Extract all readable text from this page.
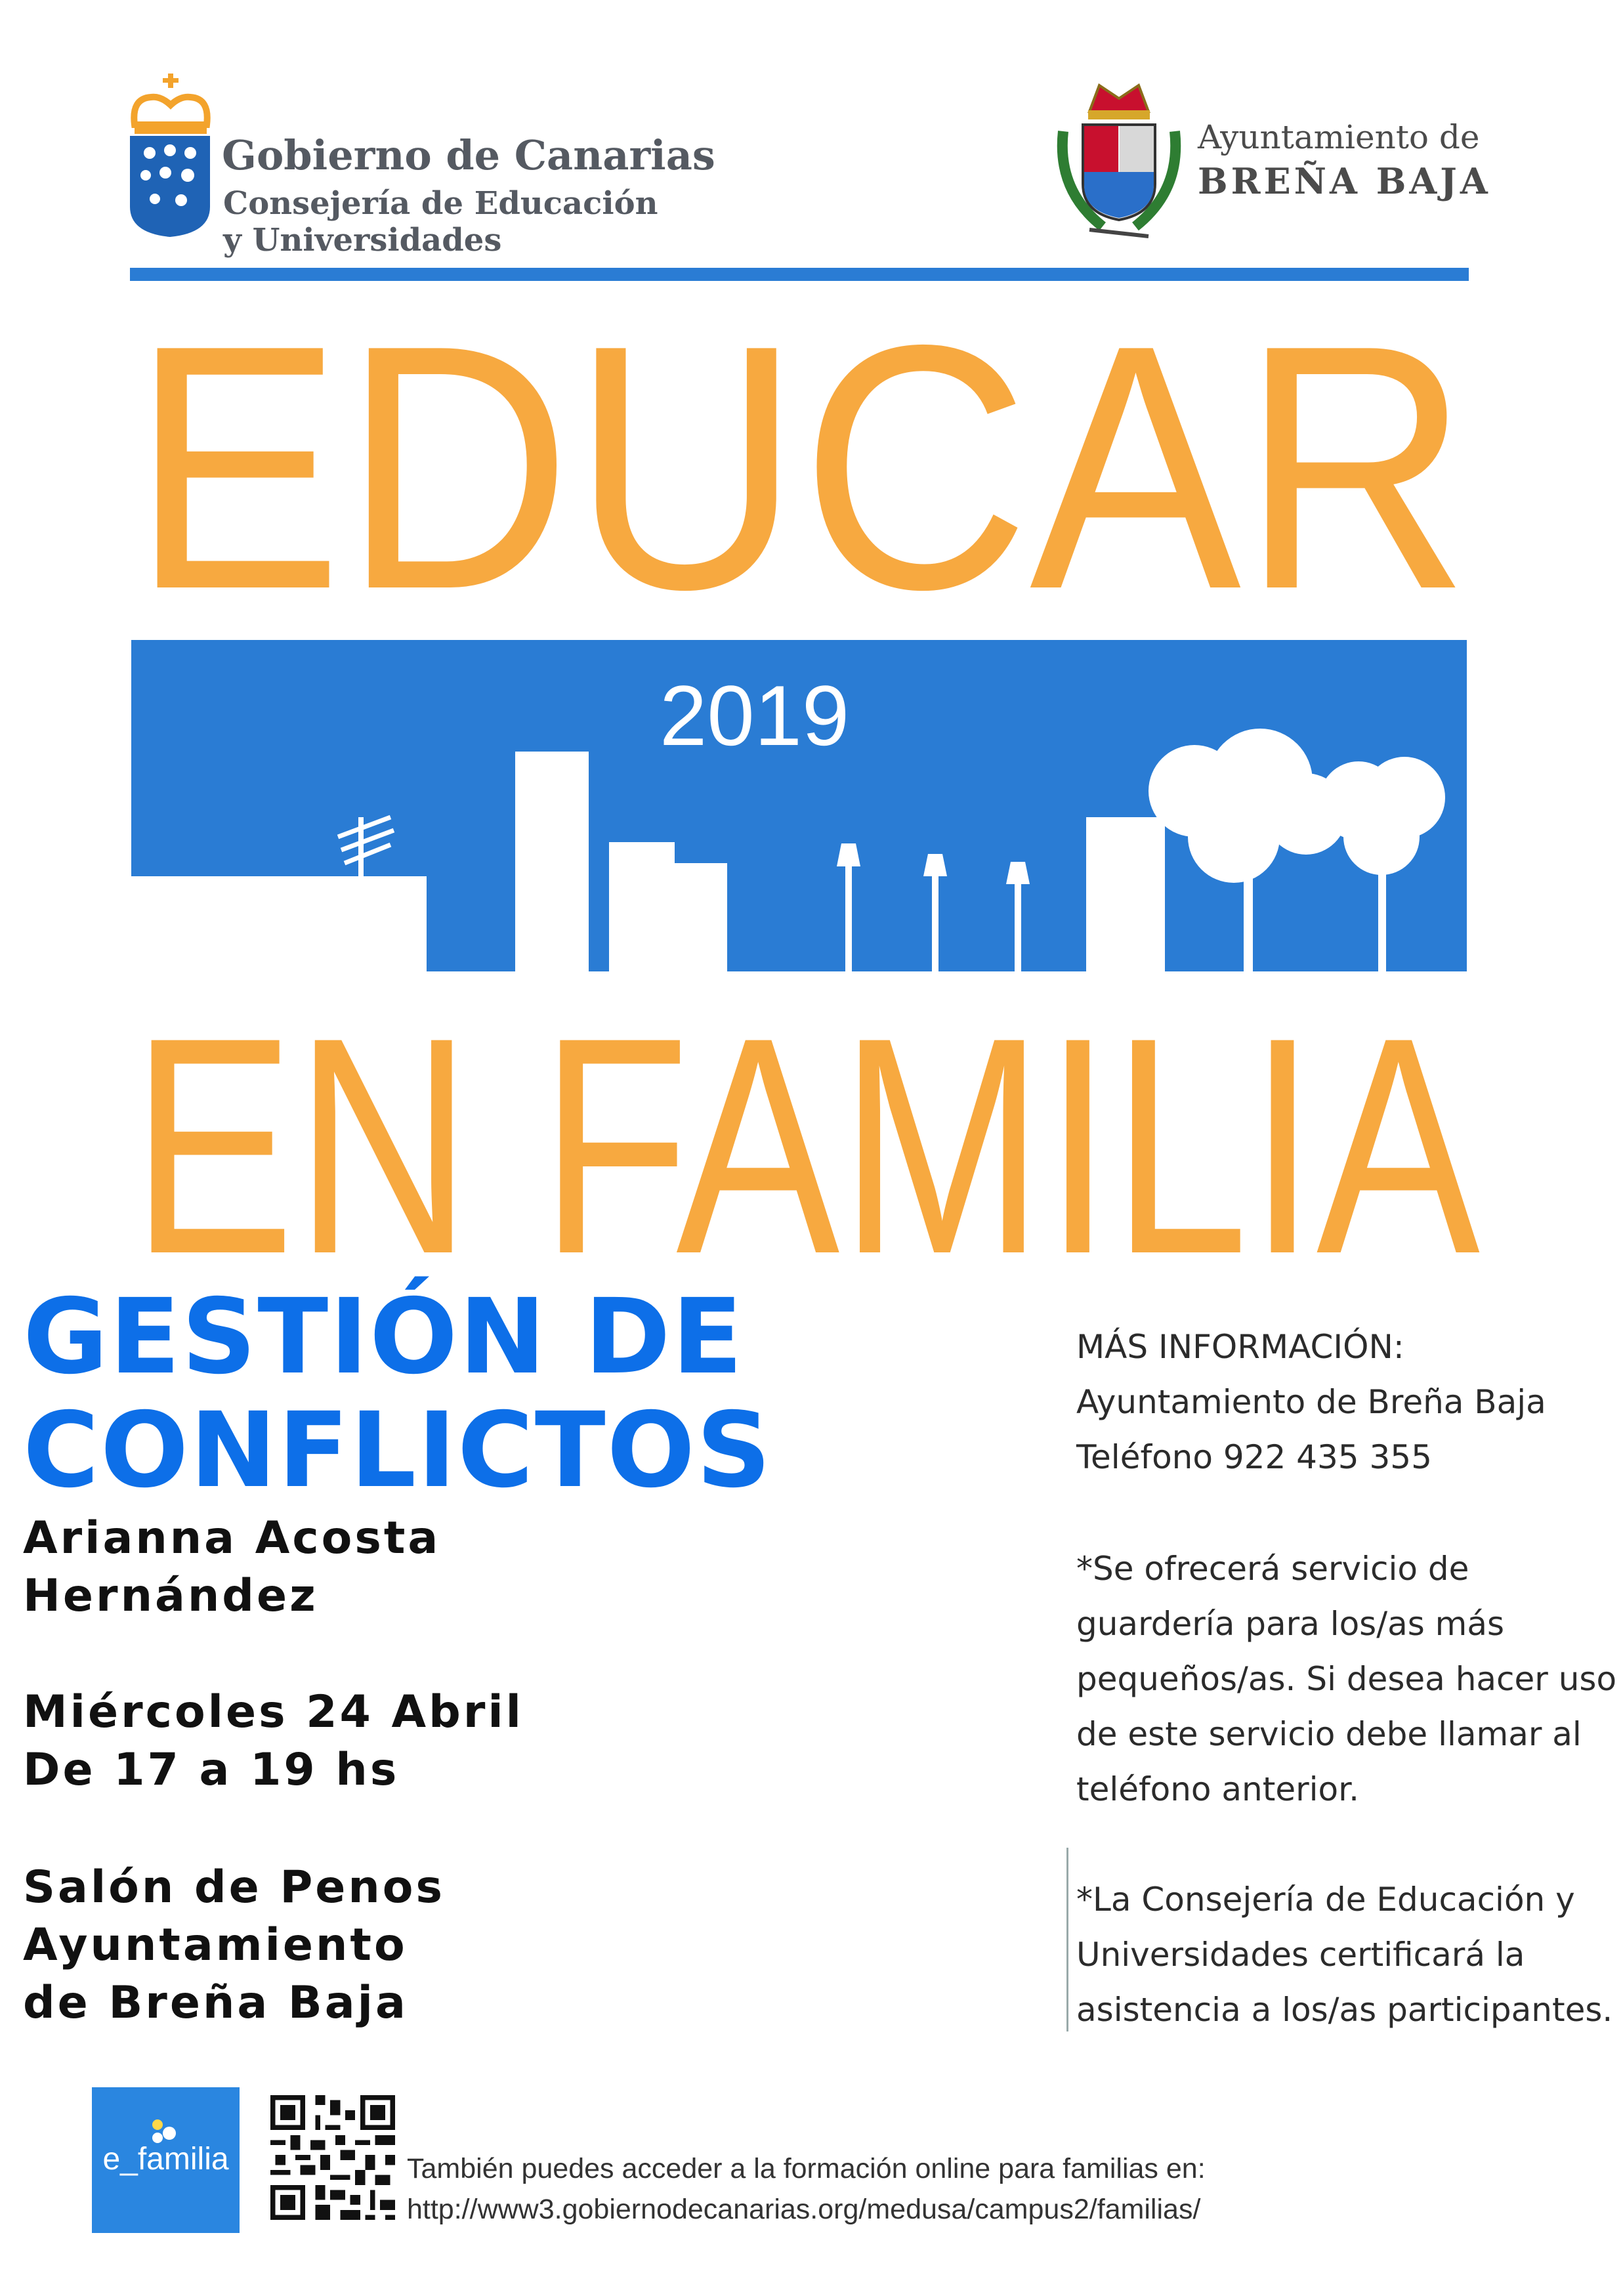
Gobierno de Canarias
Consejería de Educación
y Universidades
Ayuntamiento de
BREÑA BAJA
EDUCAR
2019
EN FAMILIA
GESTIÓN DE
CONFLICTOS
Arianna Acosta
Hernández
Miércoles 24 Abril
De 17 a 19 hs
Salón de Penos
Ayuntamiento
de Breña Baja
MÁS INFORMACIÓN:
Ayuntamiento de Breña Baja
Teléfono 922 435 355
*Se ofrecerá servicio de
guardería para los/as más
pequeños/as. Si desea hacer uso
de este servicio debe llamar al
teléfono anterior.
*La Consejería de Educación y
Universidades certificará la
asistencia a los/as participantes.
e_familia	También puedes acceder a la formación online para familias en:
http://www3.gobiernodecanarias.org/medusa/campus2/familias/
